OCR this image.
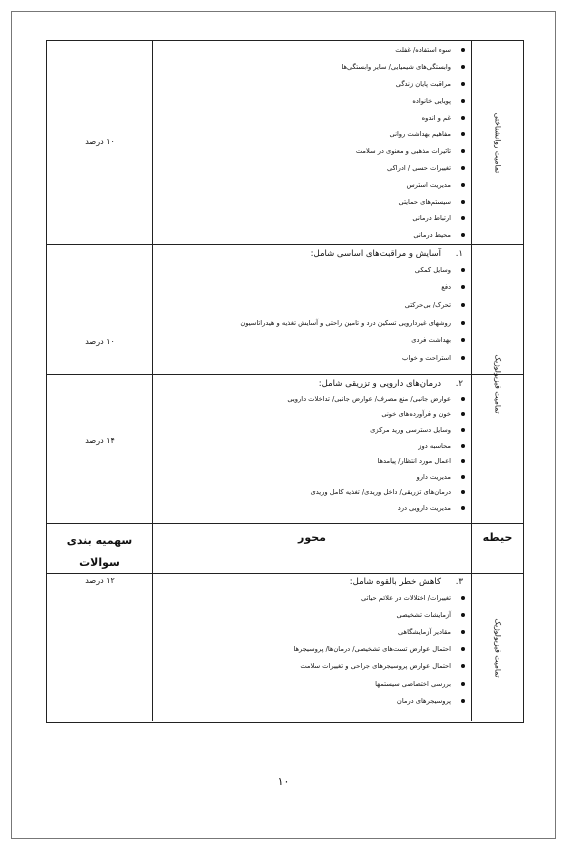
۱۰ درصد
سوء استفاده/ غفلت
وابستگی‌های شیمیایی/ سایر وابستگی‌ها
مراقبت پایان زندگی
پویایی خانواده
غم و اندوه
مفاهیم بهداشت روانی
تاثیرات مذهبی و معنوی در سلامت
تغییرات حسی / ادراکی
مدیریت استرس
سیستم‌های حمایتی
ارتباط درمانی
محیط درمانی
تمامیت روانشناختی
۱۰ درصد
۱.
آسایش و مراقبت‌های اساسی شامل:
وسایل کمکی
دفع
تحرک/ بی‌حرکتی
روشهای غیردارویی تسکین درد و تامین راحتی و آسایش تغذیه و هیدراتاسیون
بهداشت فردی
استراحت و خواب
۱۴ درصد
۲.
درمان‌های دارویی و تزریقی شامل:
عوارض جانبی/ منع مصرف/ عوارض جانبی/ تداخلات دارویی
خون و فرآورده‌های خونی
وسایل دسترسی ورید مرکزی
محاسبه دوز
اعمال مورد انتظار/ پیامدها
مدیریت دارو
درمان‌های تزریقی/ داخل وریدی/ تغذیه کامل وریدی
مدیریت دارویی درد
تمامیت فیزیولوژیک
سهمیه بندی سوالات
محور	حیطه
۱۲ درصد	۳.
کاهش خطر بالقوه شامل:
تغییرات/ اختلالات در علائم حیاتی
آزمایشات تشخیصی
مقادیر آزمایشگاهی
احتمال عوارض تست‌های تشخیصی/ درمان‌ها/ پروسیجرها
احتمال عوارض پروسیجرهای جراحی و تغییرات سلامت
بررسی اختصاصی سیستمها
پروسیجرهای درمان
تمامیت فیزیولوژیک
۱۰
